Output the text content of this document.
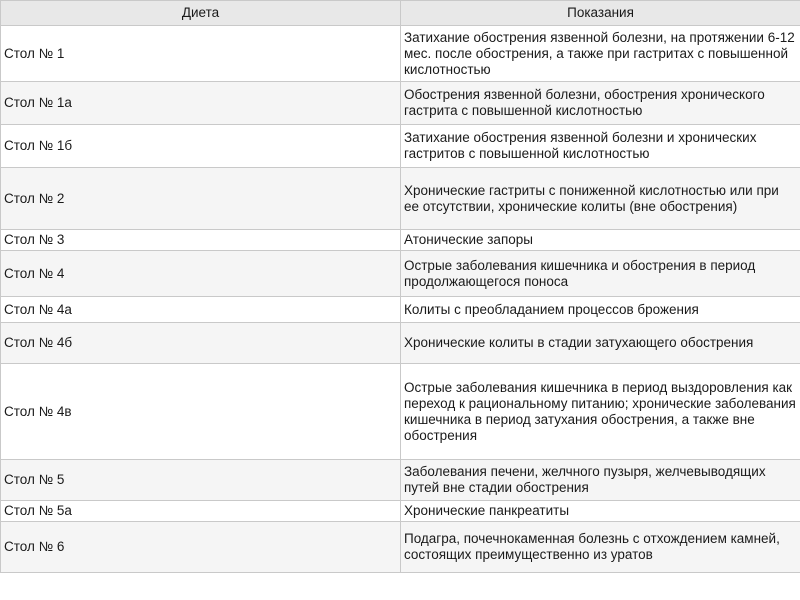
Диета	Показания
Стол № 1	Затихание обострения язвенной болезни, на протяжении 6-12 мес. после обострения, а также при гастритах с повышенной кислотностью
Стол № 1а	Обострения язвенной болезни, обострения хронического гастрита с повышенной кислотностью
Стол № 1б	Затихание обострения язвенной болезни и хронических гастритов с повышенной кислотностью
Стол № 2	Хронические гастриты с пониженной кислотностью или при ее отсутствии, хронические колиты (вне обострения)
Стол № 3	Атонические запоры
Стол № 4	Острые заболевания кишечника и обострения в период продолжающегося поноса
Стол № 4а	Колиты с преобладанием процессов брожения
Стол № 4б	Хронические колиты в стадии затухающего обострения
Стол № 4в	Острые заболевания кишечника в период выздоровления как переход к рациональному питанию; хронические заболевания кишечника в период затухания обострения, а также вне обострения
Стол № 5	Заболевания печени, желчного пузыря, желчевыводящих путей вне стадии обострения
Стол № 5а	Хронические панкреатиты
Стол № 6	Подагра, почечнокаменная болезнь с отхождением камней, состоящих преимущественно из уратов
